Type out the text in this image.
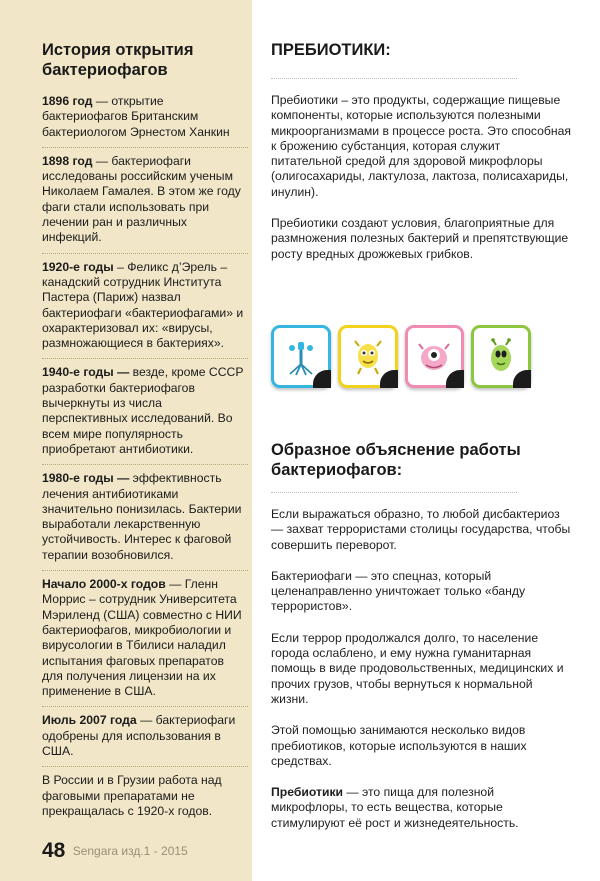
История открытия бактериофагов
1896 год — открытие бактериофагов Британским бактериологом Эрнестом Ханкин
1898 год — бактериофаги исследованы российским ученым Николаем Гамалея. В этом же году фаги стали использовать при лечении ран и различных инфекций.
1920-е годы – Феликс д’Эрель – канадский сотрудник Института Пастера (Париж) назвал бактериофаги «бактериофагами» и охарактеризовал их: «вирусы, размножающиеся в бактериях».
1940-е годы — везде, кроме СССР разработки бактериофагов вычеркнуты из числа перспективных исследований. Во всем мире популярность приобретают антибиотики.
1980-е годы — эффективность лечения антибиотиками значительно понизилась. Бактерии выработали лекарственную устойчивость. Интерес к фаговой терапии возобновился.
Начало 2000-х годов — Гленн Моррис – сотрудник Университета Мэриленд (США) совместно с НИИ бактериофагов, микробиологии и вирусологии в Тбилиси наладил испытания фаговых препаратов для получения лицензии на их применение в США.
Июль 2007 года — бактериофаги одобрены для использования в США.
В России и в Грузии работа над фаговыми препаратами не прекращалась с 1920-х годов.
48 Sengara изд.1 - 2015
ПРЕБИОТИКИ:

Пребиотики – это продукты, содержащие пищевые компоненты, которые используются полезными микроорганизмами в процессе роста. Это способная к брожению субстанция, которая служит питательной средой для здоровой микрофлоры (олигосахариды, лактулоза, лактоза, полисахариды, инулин).

Пребиотики создают условия, благоприятные для размножения полезных бактерий и препятствующие росту вредных дрожжевых грибков.

Образное объяснение работы бактериофагов:

Если выражаться образно, то любой дисбактериоз — захват террористами столицы государства, чтобы совершить переворот.

Бактериофаги — это спецназ, который целенаправленно уничтожает только «банду террористов».

Если террор продолжался долго, то население города ослаблено, и ему нужна гуманитарная помощь в виде продовольственных, медицинских и прочих грузов, чтобы вернуться к нормальной жизни.

Этой помощью занимаются несколько видов пребиотиков, которые используются в наших средствах.

Пребиотики — это пища для полезной микрофлоры, то есть вещества, которые стимулируют её рост и жизнедеятельность.
